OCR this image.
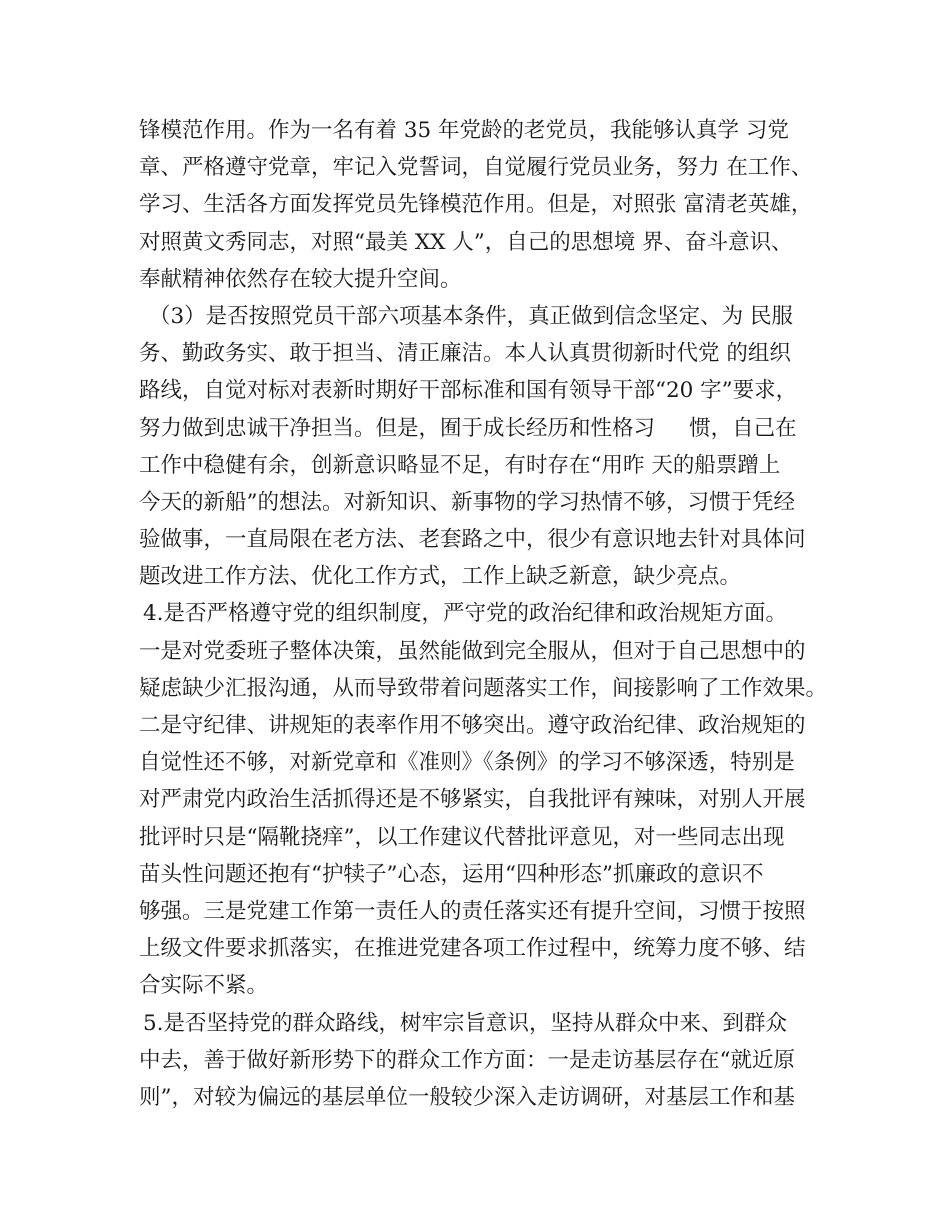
锋模范作用。作为一名有着 35 年党龄的老党员，我能够认真学 习党
章、严格遵守党章，牢记入党誓词，自觉履行党员业务，努力 在工作、
学习、生活各方面发挥党员先锋模范作用。但是，对照张 富清老英雄，
对照黄文秀同志，对照“最美 XX 人”，自己的思想境 界、奋斗意识、
奉献精神依然存在较大提升空间。
（3）是否按照党员干部六项基本条件，真正做到信念坚定、为 民服
务、勤政务实、敢于担当、清正廉洁。本人认真贯彻新时代党 的组织
路线，自觉对标对表新时期好干部标准和国有领导干部“20 字”要求，
努力做到忠诚干净担当。但是，囿于成长经历和性格习     惯，自己在
工作中稳健有余，创新意识略显不足，有时存在“用昨 天的船票蹭上
今天的新船”的想法。对新知识、新事物的学习热情不够，习惯于凭经
验做事，一直局限在老方法、老套路之中，很少有意识地去针对具体问
题改进工作方法、优化工作方式，工作上缺乏新意，缺少亮点。
4.是否严格遵守党的组织制度，严守党的政治纪律和政治规矩方面。
一是对党委班子整体决策，虽然能做到完全服从，但对于自己思想中的
疑虑缺少汇报沟通，从而导致带着问题落实工作，间接影响了工作效果。
二是守纪律、讲规矩的表率作用不够突出。遵守政治纪律、政治规矩的
自觉性还不够，对新党章和《准则》《条例》的学习不够深透，特别是
对严肃党内政治生活抓得还是不够紧实，自我批评有辣味，对别人开展
批评时只是“隔靴挠痒”，以工作建议代替批评意见，对一些同志出现
苗头性问题还抱有“护犊子”心态，运用“四种形态”抓廉政的意识不
够强。三是党建工作第一责任人的责任落实还有提升空间，习惯于按照
上级文件要求抓落实，在推进党建各项工作过程中，统筹力度不够、结
合实际不紧。
5.是否坚持党的群众路线，树牢宗旨意识，坚持从群众中来、到群众
中去，善于做好新形势下的群众工作方面：一是走访基层存在“就近原
则”，对较为偏远的基层单位一般较少深入走访调研，对基层工作和基
